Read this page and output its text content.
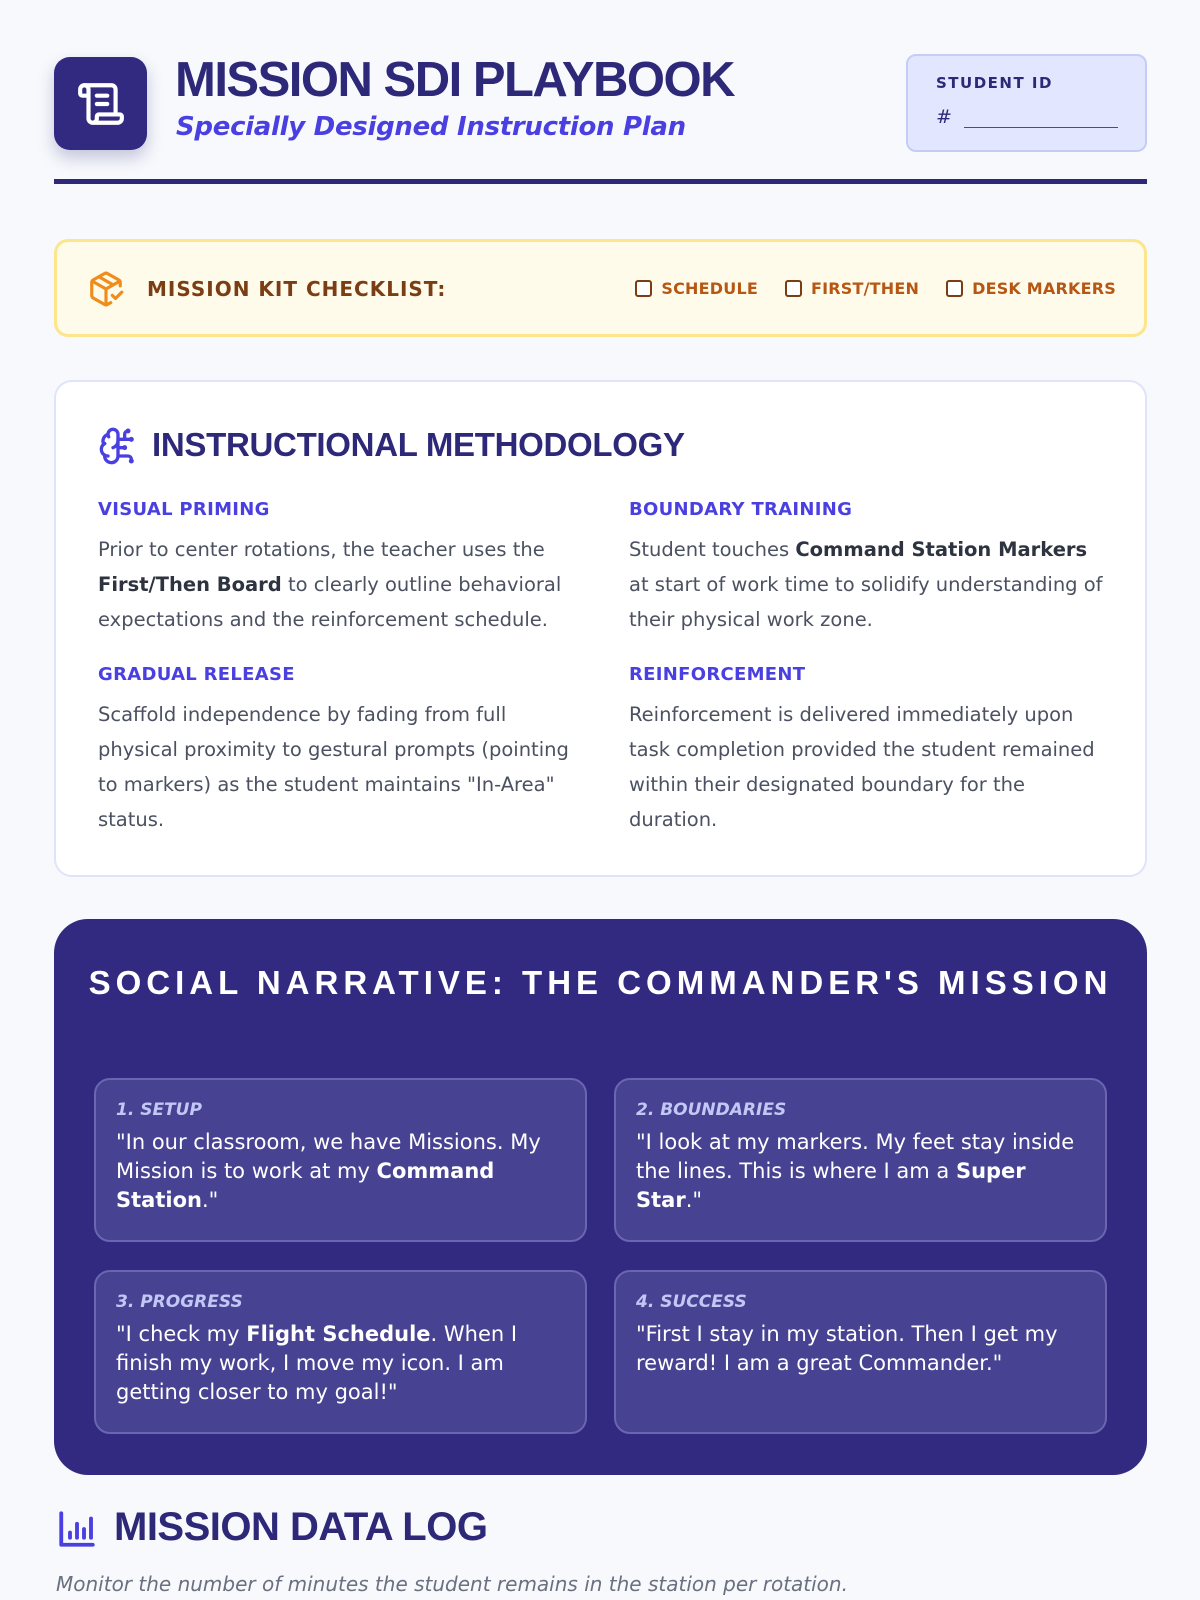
MISSION SDI PLAYBOOK
Specially Designed Instruction Plan
STUDENT ID
#
MISSION KIT CHECKLIST:	SCHEDULE	FIRST/THEN	DESK MARKERS
INSTRUCTIONAL METHODOLOGY
VISUAL PRIMING
Prior to center rotations, the teacher uses the First/Then Board to clearly outline behavioral expectations and the reinforcement schedule.
BOUNDARY TRAINING
Student touches Command Station Markers at start of work time to solidify understanding of their physical work zone.
GRADUAL RELEASE
Scaffold independence by fading from full physical proximity to gestural prompts (pointing to markers) as the student maintains "In-Area" status.
REINFORCEMENT
Reinforcement is delivered immediately upon task completion provided the student remained within their designated boundary for the duration.
SOCIAL NARRATIVE: THE COMMANDER'S MISSION
1. SETUP
"In our classroom, we have Missions. My Mission is to work at my Command Station."
2. BOUNDARIES
"I look at my markers. My feet stay inside the lines. This is where I am a Super Star."
3. PROGRESS
"I check my Flight Schedule. When I finish my work, I move my icon. I am getting closer to my goal!"
4. SUCCESS
"First I stay in my station. Then I get my reward! I am a great Commander."
MISSION DATA LOG
Monitor the number of minutes the student remains in the station per rotation.
